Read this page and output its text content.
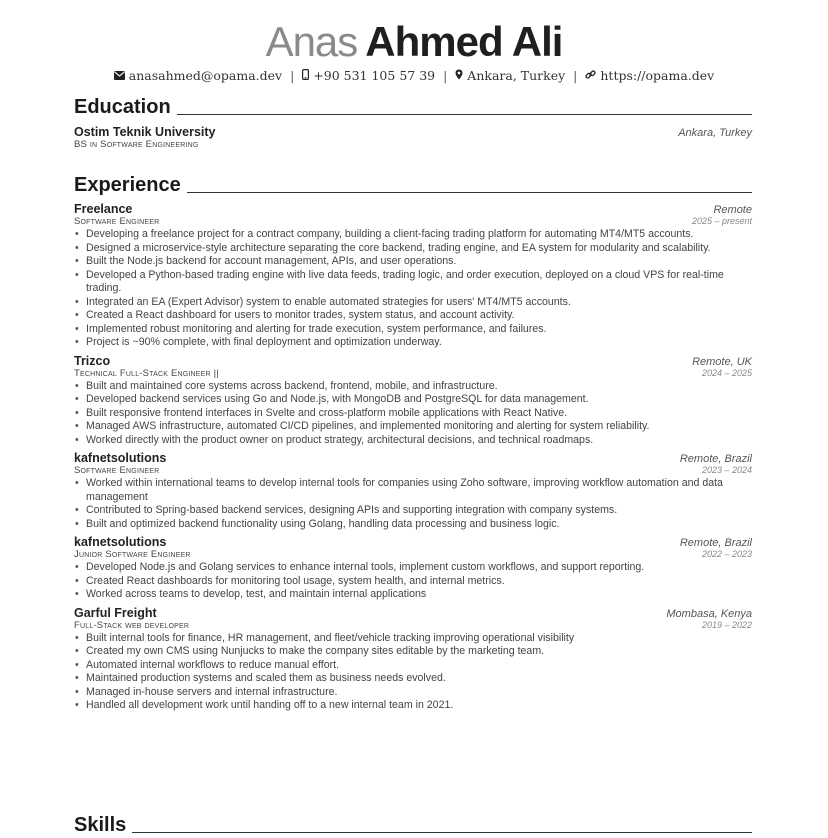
Anas Ahmed Ali
anasahmed@opama.dev | +90 531 105 57 39 | Ankara, Turkey | https://opama.dev
Education
Ostim Teknik University	Ankara, Turkey
BS in Software Engineering
Experience
Freelance	Remote
Software Engineer	2025 – present
• Developing a freelance project for a contract company, building a client-facing trading platform for automating MT4/MT5 accounts.
• Designed a microservice-style architecture separating the core backend, trading engine, and EA system for modularity and scalability.
• Built the Node.js backend for account management, APIs, and user operations.
• Developed a Python-based trading engine with live data feeds, trading logic, and order execution, deployed on a cloud VPS for real-time trading.
• Integrated an EA (Expert Advisor) system to enable automated strategies for users' MT4/MT5 accounts.
• Created a React dashboard for users to monitor trades, system status, and account activity.
• Implemented robust monitoring and alerting for trade execution, system performance, and failures.
• Project is ~90% complete, with final deployment and optimization underway.
Trizco	Remote, UK
Technical Full-Stack Engineer ||	2024 – 2025
• Built and maintained core systems across backend, frontend, mobile, and infrastructure.
• Developed backend services using Go and Node.js, with MongoDB and PostgreSQL for data management.
• Built responsive frontend interfaces in Svelte and cross-platform mobile applications with React Native.
• Managed AWS infrastructure, automated CI/CD pipelines, and implemented monitoring and alerting for system reliability.
• Worked directly with the product owner on product strategy, architectural decisions, and technical roadmaps.
kafnetsolutions	Remote, Brazil
Software Engineer	2023 – 2024
• Worked within international teams to develop internal tools for companies using Zoho software, improving workflow automation and data management
• Contributed to Spring-based backend services, designing APIs and supporting integration with company systems.
• Built and optimized backend functionality using Golang, handling data processing and business logic.
kafnetsolutions	Remote, Brazil
Junior Software Engineer	2022 – 2023
• Developed Node.js and Golang services to enhance internal tools, implement custom workflows, and support reporting.
• Created React dashboards for monitoring tool usage, system health, and internal metrics.
• Worked across teams to develop, test, and maintain internal applications
Garful Freight	Mombasa, Kenya
Full-Stack web developer	2019 – 2022
• Built internal tools for finance, HR management, and fleet/vehicle tracking improving operational visibility
• Created my own CMS using Nunjucks to make the company sites editable by the marketing team.
• Automated internal workflows to reduce manual effort.
• Maintained production systems and scaled them as business needs evolved.
• Managed in-house servers and internal infrastructure.
• Handled all development work until handing off to a new internal team in 2021.
Skills
